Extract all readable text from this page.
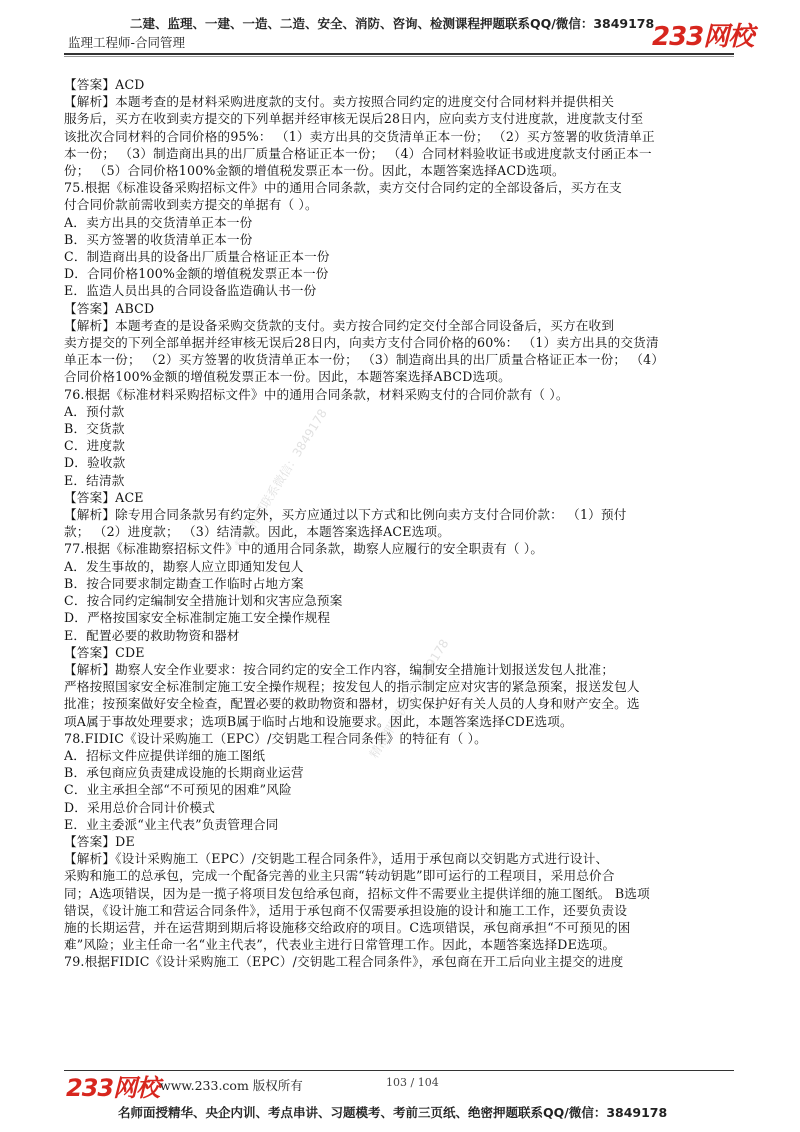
二建、监理、一建、一造、二造、安全、消防、咨询、检测课程押题联系QQ/微信：3849178
监理工程师-合同管理	233网校
精准押题联系微信：3849178
精准押题联系：3849178
【答案】ACD
【解析】本题考查的是材料采购进度款的支付。卖方按照合同约定的进度交付合同材料并提供相关
服务后，买方在收到卖方提交的下列单据并经审核无误后28日内，应向卖方支付进度款，进度款支付至
该批次合同材料的合同价格的95%： （1）卖方出具的交货清单正本一份； （2）买方签署的收货清单正
本一份； （3）制造商出具的出厂质量合格证正本一份； （4）合同材料验收证书或进度款支付函正本一
份； （5）合同价格100%金额的增值税发票正本一份。因此，本题答案选择ACD选项。
75.根据《标准设备采购招标文件》中的通用合同条款，卖方交付合同约定的全部设备后，买方在支
付合同价款前需收到卖方提交的单据有（ ）。
A．卖方出具的交货清单正本一份
B．买方签署的收货清单正本一份
C．制造商出具的设备出厂质量合格证正本一份
D．合同价格100%金额的增值税发票正本一份
E．监造人员出具的合同设备监造确认书一份
【答案】ABCD
【解析】本题考查的是设备采购交货款的支付。卖方按合同约定交付全部合同设备后，买方在收到
卖方提交的下列全部单据并经审核无误后28日内，向卖方支付合同价格的60%： （1）卖方出具的交货清
单正本一份； （2）买方签署的收货清单正本一份； （3）制造商出具的出厂质量合格证正本一份； （4）
合同价格100%金额的增值税发票正本一份。因此，本题答案选择ABCD选项。
76.根据《标准材料采购招标文件》中的通用合同条款，材料采购支付的合同价款有（ ）。
A．预付款
B．交货款
C．进度款
D．验收款
E．结清款
【答案】ACE
【解析】除专用合同条款另有约定外，买方应通过以下方式和比例向卖方支付合同价款： （1）预付
款； （2）进度款； （3）结清款。因此，本题答案选择ACE选项。
77.根据《标准勘察招标文件》中的通用合同条款，勘察人应履行的安全职责有（ ）。
A．发生事故的，勘察人应立即通知发包人
B．按合同要求制定勘查工作临时占地方案
C．按合同约定编制安全措施计划和灾害应急预案
D．严格按国家安全标准制定施工安全操作规程
E．配置必要的救助物资和器材
【答案】CDE
【解析】勘察人安全作业要求：按合同约定的安全工作内容，编制安全措施计划报送发包人批准；
严格按照国家安全标准制定施工安全操作规程；按发包人的指示制定应对灾害的紧急预案，报送发包人
批准；按预案做好安全检查，配置必要的救助物资和器材，切实保护好有关人员的人身和财产安全。选
项A属于事故处理要求；选项B属于临时占地和设施要求。因此，本题答案选择CDE选项。
78.FIDIC《设计采购施工（EPC）/交钥匙工程合同条件》的特征有（ ）。
A．招标文件应提供详细的施工图纸
B．承包商应负责建成设施的长期商业运营
C．业主承担全部“不可预见的困难”风险
D．采用总价合同计价模式
E．业主委派“业主代表”负责管理合同
【答案】DE
【解析】《设计采购施工（EPC）/交钥匙工程合同条件》，适用于承包商以交钥匙方式进行设计、
采购和施工的总承包，完成一个配备完善的业主只需“转动钥匙”即可运行的工程项目，采用总价合
同；A选项错误，因为是一揽子将项目发包给承包商，招标文件不需要业主提供详细的施工图纸。 B选项
错误，《设计施工和营运合同条件》，适用于承包商不仅需要承担设施的设计和施工工作，还要负责设
施的长期运营，并在运营期到期后将设施移交给政府的项目。C选项错误，承包商承担“不可预见的困
难”风险；业主任命一名“业主代表”，代表业主进行日常管理工作。因此，本题答案选择DE选项。
79.根据FIDIC《设计采购施工（EPC）/交钥匙工程合同条件》，承包商在开工后向业主提交的进度
233网校 www.233.com 版权所有	103 / 104
名师面授精华、央企内训、考点串讲、习题模考、考前三页纸、绝密押题联系QQ/微信：3849178
